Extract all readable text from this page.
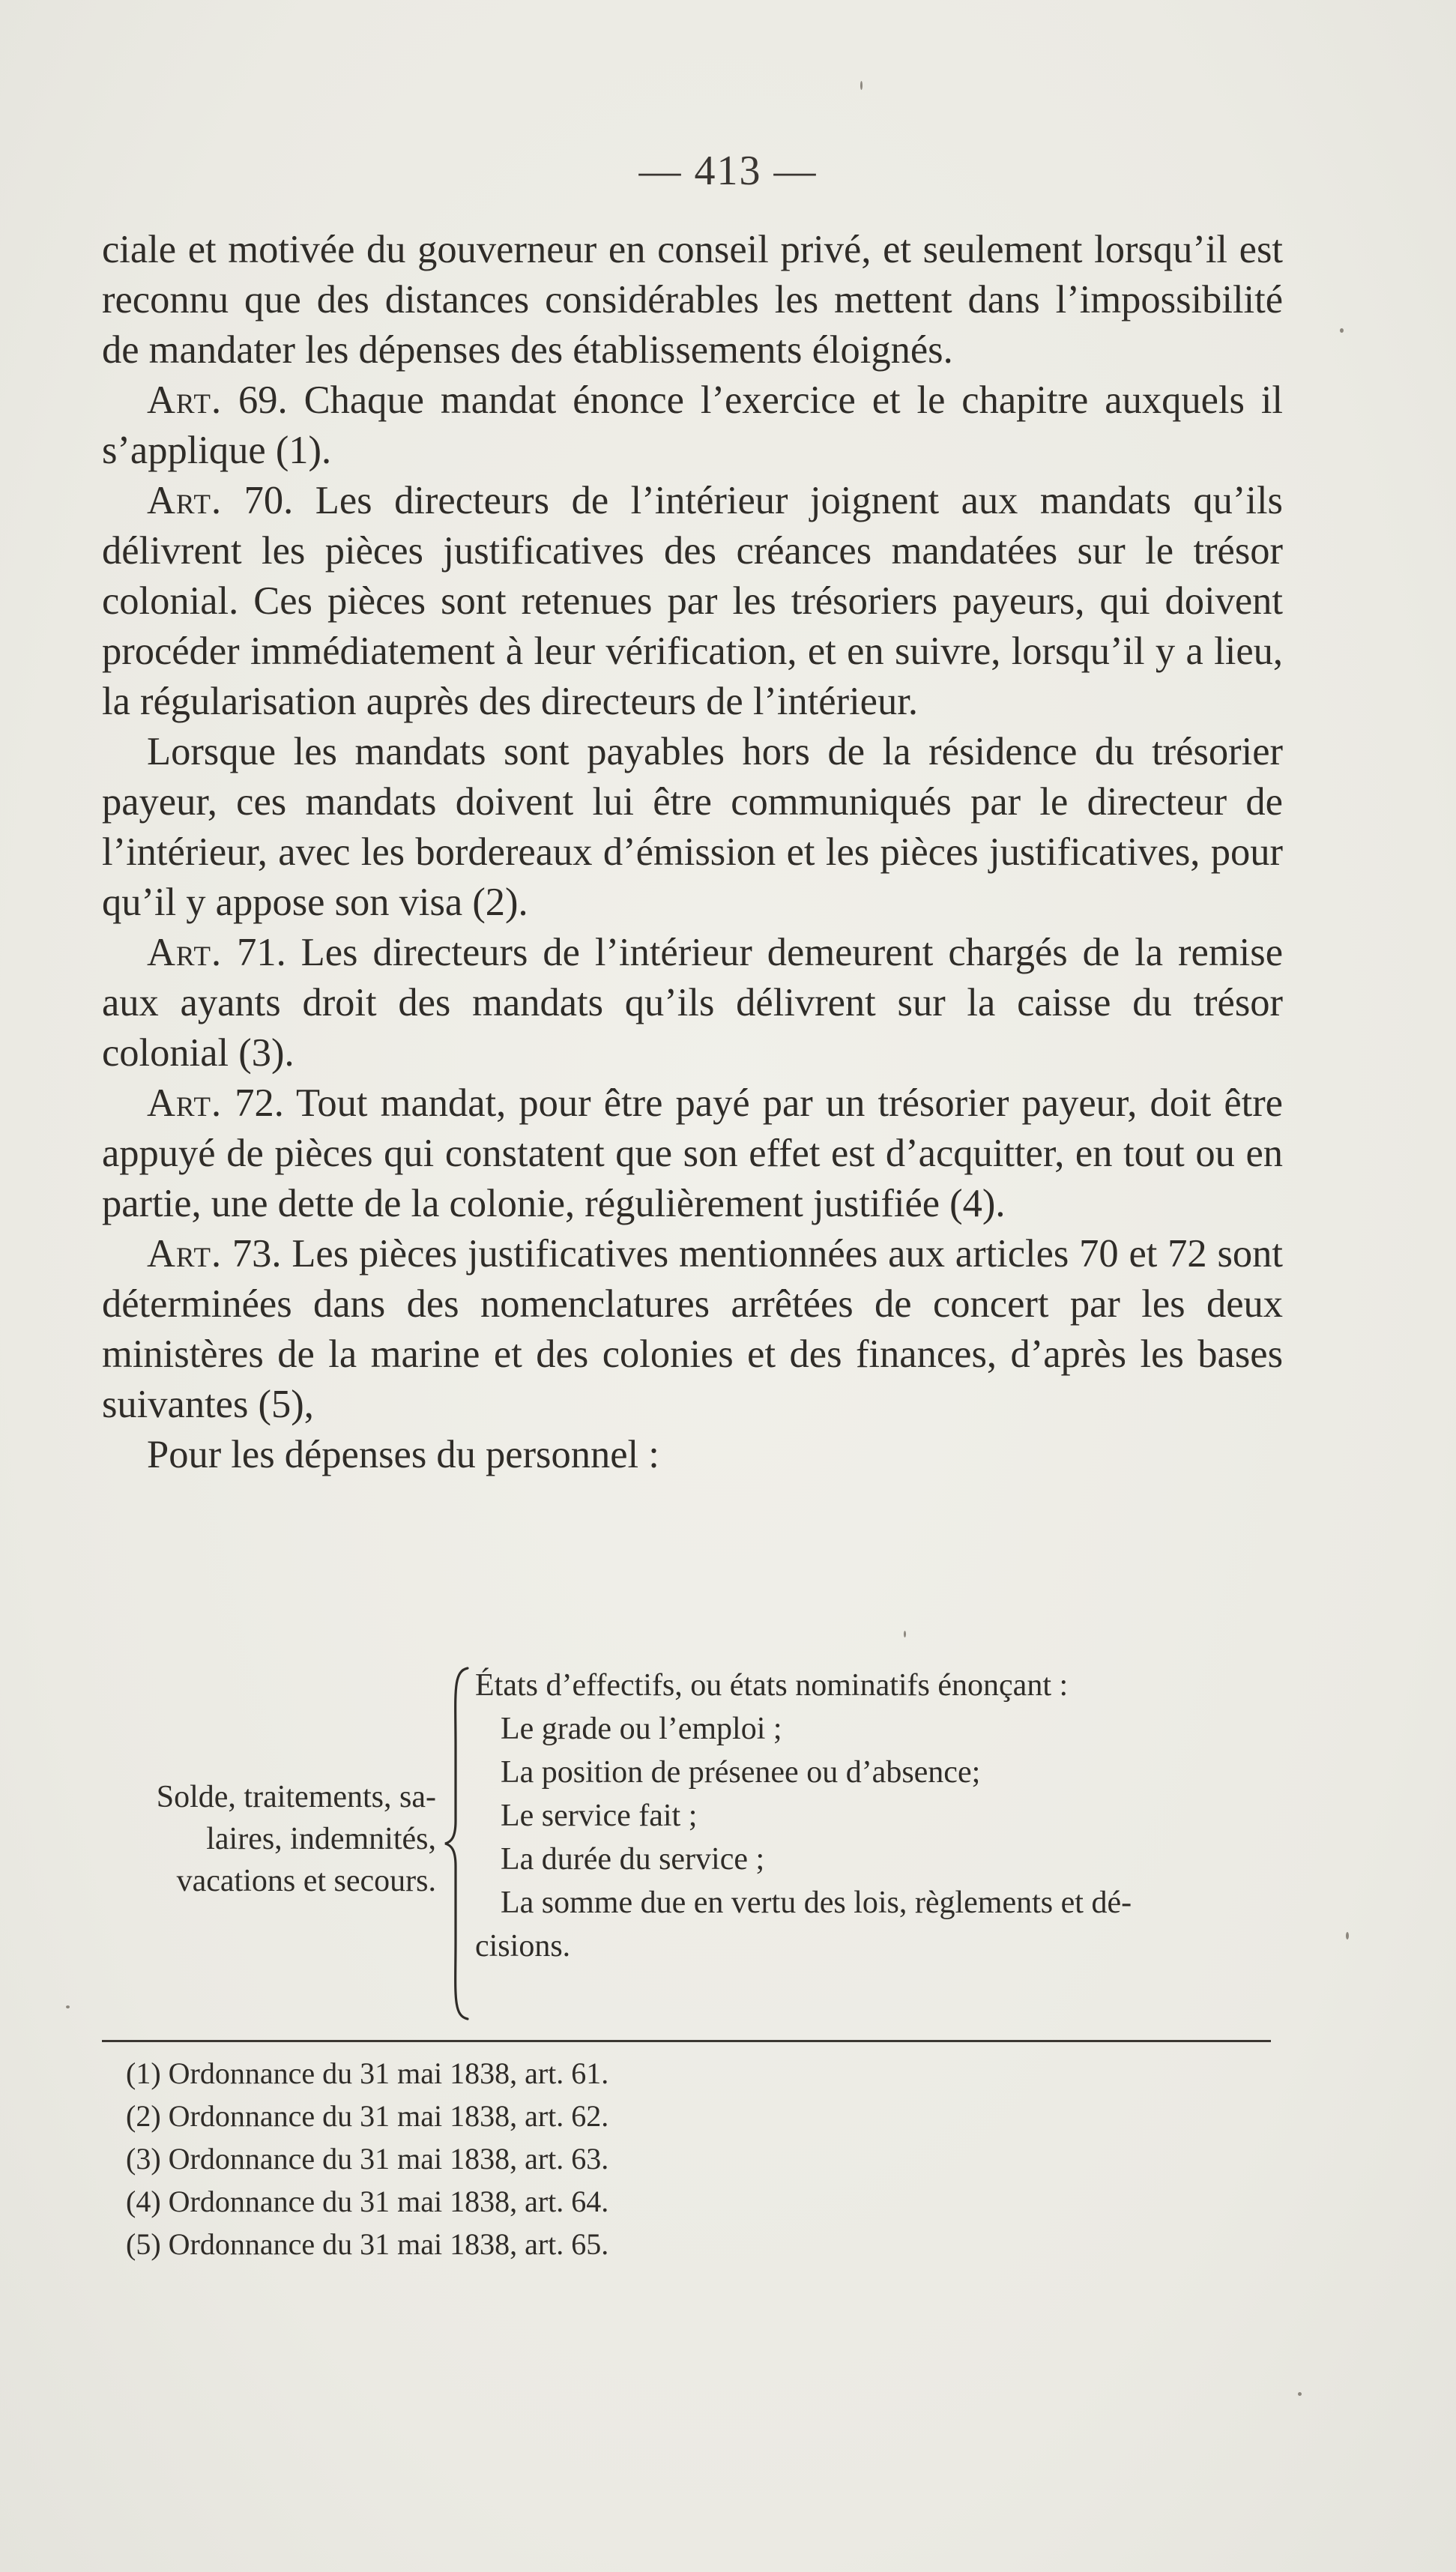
— 413 —

ciale et motivée du gouverneur en conseil privé, et seulement lorsqu’il est reconnu que des distances considérables les mettent dans l’impossibilité de mandater les dépenses des établissements éloignés.

Art. 69. Chaque mandat énonce l’exercice et le chapitre auxquels il s’applique (1).

Art. 70. Les directeurs de l’intérieur joignent aux mandats qu’ils délivrent les pièces justificatives des créances mandatées sur le trésor colonial. Ces pièces sont retenues par les trésoriers payeurs, qui doivent procéder immédiatement à leur vérification, et en suivre, lorsqu’il y a lieu, la régularisation auprès des directeurs de l’intérieur.

Lorsque les mandats sont payables hors de la résidence du trésorier payeur, ces mandats doivent lui être communiqués par le directeur de l’intérieur, avec les bordereaux d’émission et les pièces justificatives, pour qu’il y appose son visa (2).

Art. 71. Les directeurs de l’intérieur demeurent chargés de la remise aux ayants droit des mandats qu’ils délivrent sur la caisse du trésor colonial (3).

Art. 72. Tout mandat, pour être payé par un trésorier payeur, doit être appuyé de pièces qui constatent que son effet est d’acquitter, en tout ou en partie, une dette de la colonie, régulièrement justifiée (4).

Art. 73. Les pièces justificatives mentionnées aux articles 70 et 72 sont déterminées dans des nomenclatures arrêtées de concert par les deux ministères de la marine et des colonies et des finances, d’après les bases suivantes (5),

Pour les dépenses du personnel :

Solde, traitements, sa-
laires, indemnités,
vacations et secours.

États d’effectifs, ou états nominatifs énonçant :

Le grade ou l’emploi ;

La position de présenee ou d’absence;

Le service fait ;

La durée du service ;

La somme due en vertu des lois, règlements et dé-

cisions.

(1) Ordonnance du 31 mai 1838, art. 61.

(2) Ordonnance du 31 mai 1838, art. 62.

(3) Ordonnance du 31 mai 1838, art. 63.

(4) Ordonnance du 31 mai 1838, art. 64.

(5) Ordonnance du 31 mai 1838, art. 65.
